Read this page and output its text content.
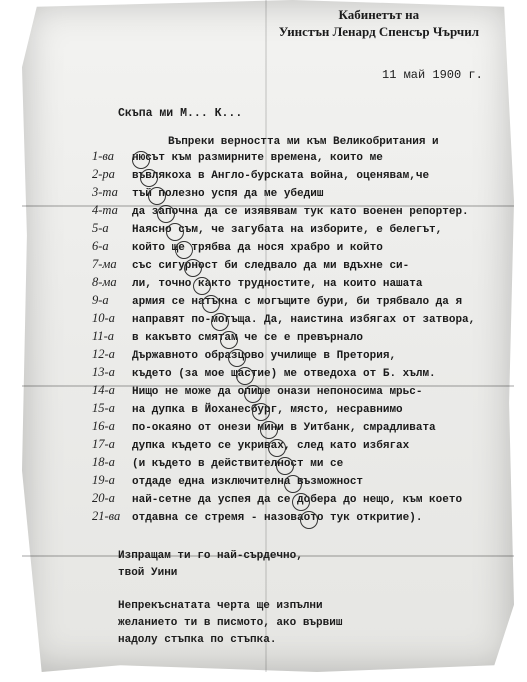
Кабинетът на
Уинстън Ленард Спенсър Чърчил
11 май 1900 г.
Скъпа ми М... К...
Въпреки верността ми към Великобритания и
1-ва	нюсът към размирните времена, които ме
2-ра	въвлякоха в Англо-бурската война, оценявам,че
3-та	тъй полезно успя да ме убедиш
4-та	да започна да се изявявам тук като военен репортер.
5-а	Наясно съм, че загубата на изборите, е белегът,
6-а	който ще трябва да нося храбро и който
7-ма	със сигурност би следвало да ми вдъхне си-
8-ма	ли, точно както трудностите, на които нашата
9-а	армия се натъкна с могъщите бури, би трябвало да я
10-а	направят по-могъща. Да, наистина избягах от затвора,
11-а	в какъвто смятам че се е превърнало
12-а	Държавното образцово училище в Претория,
13-а	където (за мое щастие) ме отведоха от Б. хълм.
14-а	Нищо не може да опише онази непоносима мрьс-
15-а	на дупка в Йоханесбург, място, несравнимо
16-а	по-окаяно от онези мини в Уитбанк, смрадливата
17-а	дупка където се укривах, след като избягах
18-а	(и където в действителност ми се
19-а	отдаде една изключителна възможност
20-а	най-сетне да успея да се добера до нещо, към което
21-ва	отдавна се стремя - назоваото тук откритие).
Изпращам ти го най-сърдечно,
твой Уини
Непрекъснатата черта ще изпълни
желанието ти в писмото, ако вървиш
надолу стъпка по стъпка.
